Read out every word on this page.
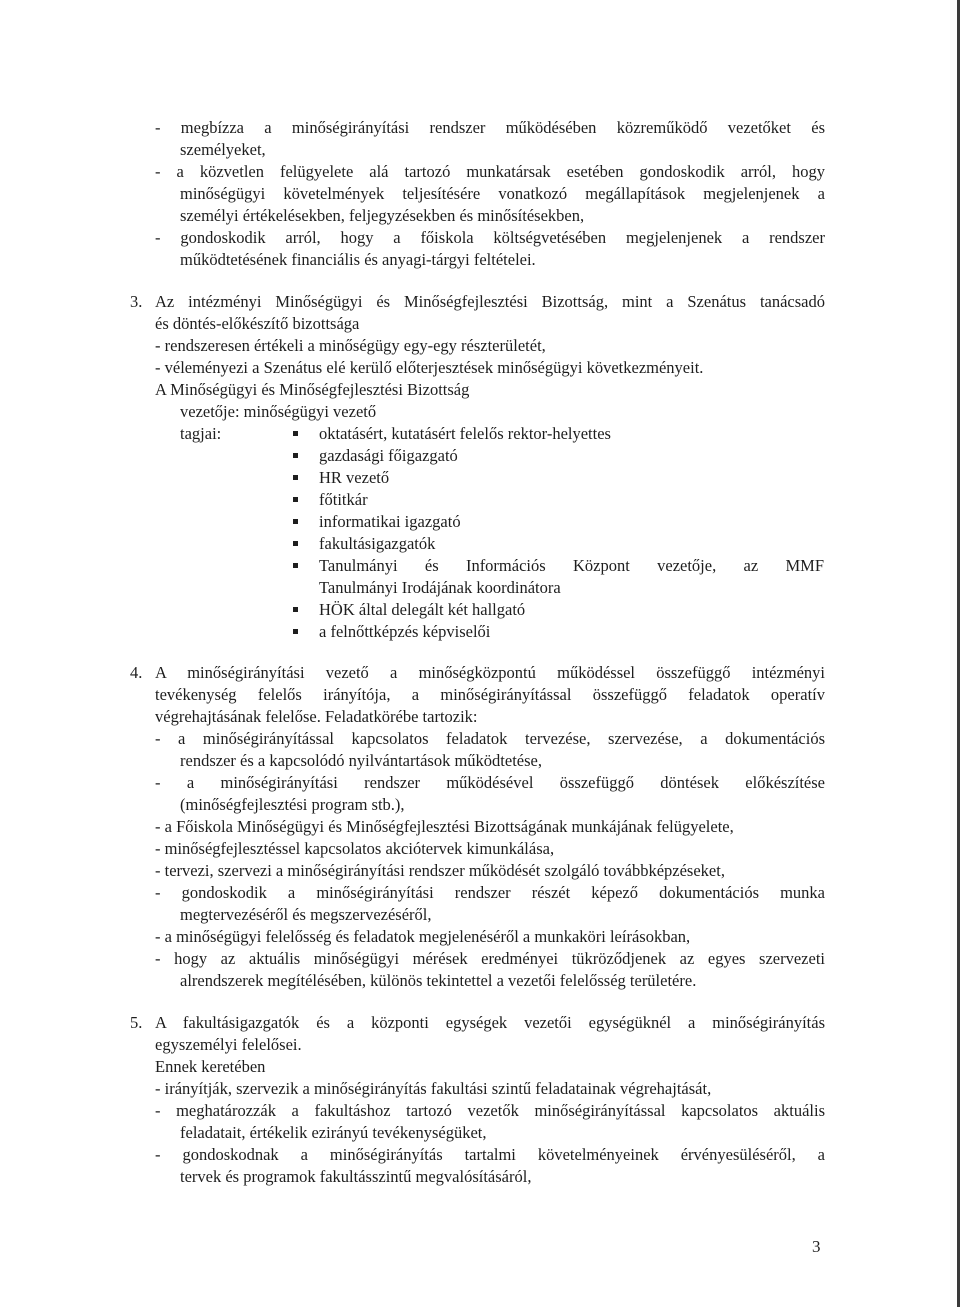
- megbízza a minőségirányítási rendszer működésében közreműködő vezetőket és
személyeket,
- a közvetlen felügyelete alá tartozó munkatársak esetében gondoskodik arról, hogy
minőségügyi követelmények teljesítésére vonatkozó megállapítások megjelenjenek a
személyi értékelésekben, feljegyzésekben és minősítésekben,
- gondoskodik arról, hogy a főiskola költségvetésében megjelenjenek a rendszer
működtetésének financiális és anyagi-tárgyi feltételei.
3. Az intézményi Minőségügyi és Minőségfejlesztési Bizottság, mint a Szenátus tanácsadó
és döntés-előkészítő bizottsága
- rendszeresen értékeli a minőségügy egy-egy részterületét,
- véleményezi a Szenátus elé kerülő előterjesztések minőségügyi következményeit.
A Minőségügyi és Minőségfejlesztési Bizottság
vezetője: minőségügyi vezető
tagjai:	oktatásért, kutatásért felelős rektor-helyettes
gazdasági főigazgató
HR vezető
főtitkár
informatikai igazgató
fakultásigazgatók
Tanulmányi és Információs Központ vezetője, az MMF
Tanulmányi Irodájának koordinátora
HÖK által delegált két hallgató
a felnőttképzés képviselői
4. A minőségirányítási vezető a minőségközpontú működéssel összefüggő intézményi
tevékenység felelős irányítója, a minőségirányítással összefüggő feladatok operatív
végrehajtásának felelőse. Feladatkörébe tartozik:
- a minőségirányítással kapcsolatos feladatok tervezése, szervezése, a dokumentációs
rendszer és a kapcsolódó nyilvántartások működtetése,
- a minőségirányítási rendszer működésével összefüggő döntések előkészítése
(minőségfejlesztési program stb.),
- a Főiskola Minőségügyi és Minőségfejlesztési Bizottságának munkájának felügyelete,
- minőségfejlesztéssel kapcsolatos akciótervek kimunkálása,
- tervezi, szervezi a minőségirányítási rendszer működését szolgáló továbbképzéseket,
- gondoskodik a minőségirányítási rendszer részét képező dokumentációs munka
megtervezéséről és megszervezéséről,
- a minőségügyi felelősség és feladatok megjelenéséről a munkaköri leírásokban,
- hogy az aktuális minőségügyi mérések eredményei tükröződjenek az egyes szervezeti
alrendszerek megítélésében, különös tekintettel a vezetői felelősség területére.
5. A fakultásigazgatók és a központi egységek vezetői egységüknél a minőségirányítás
egyszemélyi felelősei.
Ennek keretében
- irányítják, szervezik a minőségirányítás fakultási szintű feladatainak végrehajtását,
- meghatározzák a fakultáshoz tartozó vezetők minőségirányítással kapcsolatos aktuális
feladatait, értékelik ezirányú tevékenységüket,
- gondoskodnak a minőségirányítás tartalmi követelményeinek érvényesüléséről, a
tervek és programok fakultásszintű megvalósításáról,
3
